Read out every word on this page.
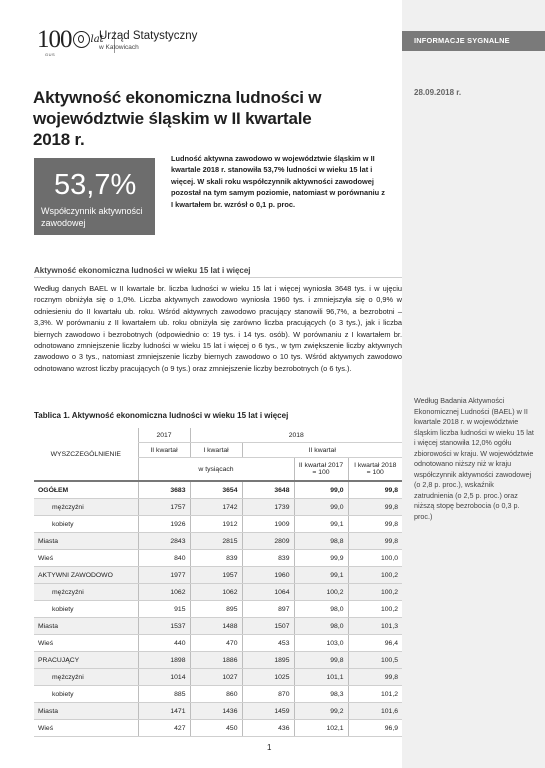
100 lat
GUS
Urząd Statystyczny
w Katowicach
INFORMACJE SYGNALNE
28.09.2018 r.
Aktywność ekonomiczna ludności w województwie śląskim w II kwartale 2018 r.
53,7%
Współczynnik aktywności zawodowej
Ludność aktywna zawodowo w województwie śląskim w II kwartale 2018 r. stanowiła 53,7% ludności w wieku 15 lat i więcej. W skali roku współczynnik aktywności zawodowej pozostał na tym samym poziomie, natomiast w porównaniu z I kwartałem br. wzrósł o 0,1 p. proc.
Aktywność ekonomiczna ludności w wieku 15 lat i więcej
Według danych BAEL w II kwartale br. liczba ludności w wieku 15 lat i więcej wyniosła 3648 tys. i w ujęciu rocznym obniżyła się o 1,0%. Liczba aktywnych zawodowo wyniosła 1960 tys. i zmniejszyła się o 0,9% w odniesieniu do II kwartału ub. roku. Wśród aktywnych zawodowo pracujący stanowili 96,7%, a bezrobotni – 3,3%. W porównaniu z II kwartałem ub. roku obniżyła się zarówno liczba pracujących (o 3 tys.), jak i liczba biernych zawodowo i bezrobotnych (odpowiednio o: 19 tys. i 14 tys. osób). W porównaniu z I kwartałem br. odnotowano zmniejszenie liczby ludności w wieku 15 lat i więcej o 6 tys., w tym zwiększenie liczby aktywnych zawodowo o 3 tys., natomiast zmniejszenie liczby biernych zawodowo o 10 tys. Wśród aktywnych zawodowo odnotowano wzrost liczby pracujących (o 9 tys.) oraz zmniejszenie liczby bezrobotnych (o 6 tys.).
Według Badania Aktywności Ekonomicznej Ludności (BAEL) w II kwartale 2018 r. w województwie śląskim liczba ludności w wieku 15 lat i więcej stanowiła 12,0% ogółu zbiorowości w kraju. W województwie odnotowano niższy niż w kraju współczynnik aktywności zawodowej (o 2,8 p. proc.), wskaźnik zatrudnienia (o 2,5 p. proc.) oraz niższą stopę bezrobocia (o 0,3 p. proc.)
Tablica 1. Aktywność ekonomiczna ludności w wieku 15 lat i więcej
WYSZCZEGÓLNIENIE	2017	2018			
	II kwartał	I kwartał	II kwartał		
	w tysiącach			II kwartał 2017 = 100	I kwartał 2018 = 100
OGÓŁEM	3683	3654	3648	99,0	99,8
mężczyźni	1757	1742	1739	99,0	99,8
kobiety	1926	1912	1909	99,1	99,8
Miasta	2843	2815	2809	98,8	99,8
Wieś	840	839	839	99,9	100,0
AKTYWNI ZAWODOWO	1977	1957	1960	99,1	100,2
mężczyźni	1062	1062	1064	100,2	100,2
kobiety	915	895	897	98,0	100,2
Miasta	1537	1488	1507	98,0	101,3
Wieś	440	470	453	103,0	96,4
PRACUJĄCY	1898	1886	1895	99,8	100,5
mężczyźni	1014	1027	1025	101,1	99,8
kobiety	885	860	870	98,3	101,2
Miasta	1471	1436	1459	99,2	101,6
Wieś	427	450	436	102,1	96,9
1
